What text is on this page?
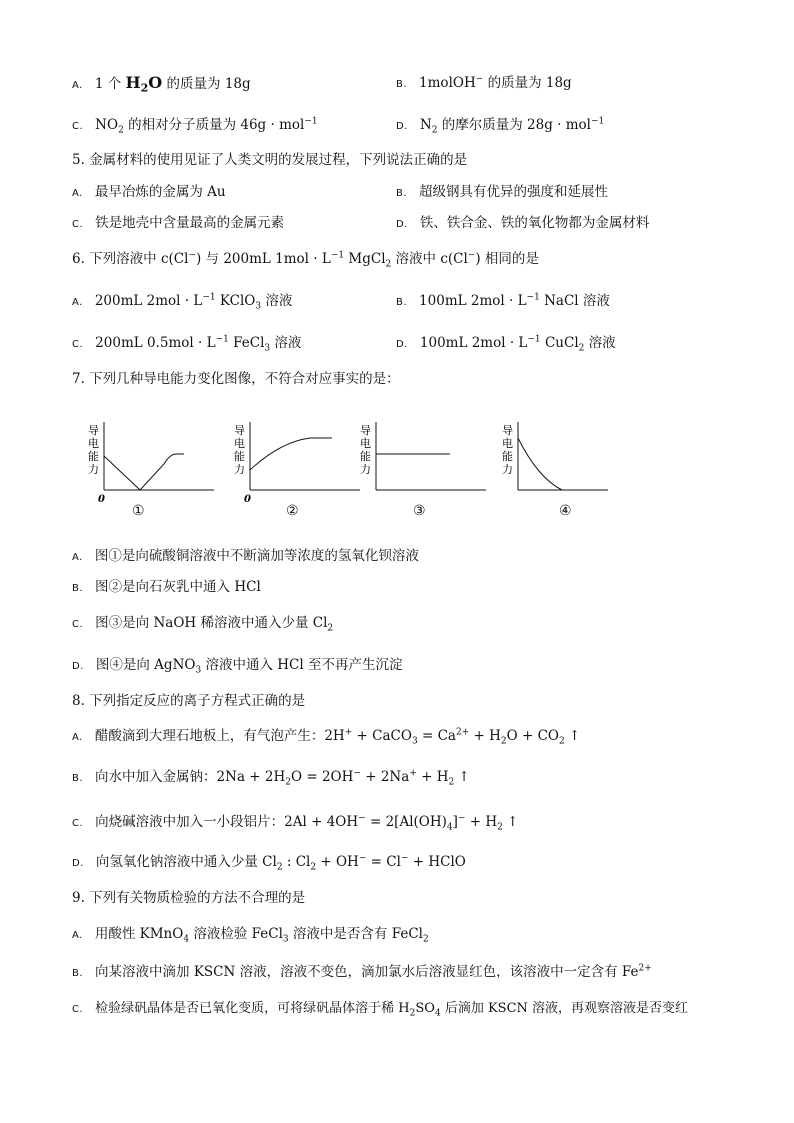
A. 1 个 $H_2O$ 的质量为 18g	B. 1molOH− 的质量为 18g
C. $NO_2$ 的相对分子质量为 46g · mol$^{-1}$	D. $N_2$ 的摩尔质量为 28g · mol$^{-1}$
5. 金属材料的使用见证了人类文明的发展过程，下列说法正确的是
A. 最早冶炼的金属为 Au	B. 超级钢具有优异的强度和延展性
C. 铁是地壳中含量最高的金属元素	D. 铁、铁合金、铁的氧化物都为金属材料
6. 下列溶液中 c(Cl−) 与 200mL $1mol \cdot L^{-1}$ MgCl$_2$ 溶液中 c(Cl−) 相同的是
A. 200mL $2mol \cdot L^{-1}$ KClO$_3$ 溶液	B. 100mL $2mol \cdot L^{-1}$ NaCl 溶液
C. 200mL $0.5mol \cdot L^{-1}$ FeCl$_3$ 溶液	D. 100mL $2mol \cdot L^{-1}$ CuCl$_2$ 溶液
7. 下列几种导电能力变化图像，不符合对应事实的是：
导
电
能
力
0
导
电
能
力
0
导
电
能
力
导
电
能
力
①	②	③	④
A. 图①是向硫酸铜溶液中不断滴加等浓度的氢氧化钡溶液
B. 图②是向石灰乳中通入 HCl
C. 图③是向 NaOH 稀溶液中通入少量 $Cl_2$
D. 图④是向 AgNO$_3$ 溶液中通入 HCl 至不再产生沉淀
8. 下列指定反应的离子方程式正确的是
A. 醋酸滴到大理石地板上，有气泡产生：2H+ + CaCO$_3$ = $Ca^{2+} + H_2O + CO_2$ ↑
B. 向水中加入金属钠：$2Na + 2H_2O = 2OH^- + 2Na^+ + H_2$ ↑
C. 向烧碱溶液中加入一小段铝片：$2Al + 4OH^- = 2[Al(OH)_4]^- + H_2$ ↑
D. 向氢氧化钠溶液中通入少量 $Cl_2$ : $Cl_2 + OH^- = Cl^-$ + HClO
9. 下列有关物质检验的方法不合理的是
A. 用酸性 KMnO$_4$ 溶液检验 FeCl$_3$ 溶液中是否含有 FeCl$_2$
B. 向某溶液中滴加 KSCN 溶液，溶液不变色，滴加氯水后溶液显红色，该溶液中一定含有 $Fe^{2+}$
C. 检验绿矾晶体是否已氧化变质，可将绿矾晶体溶于稀 $H_2SO_4$ 后滴加 KSCN 溶液，再观察溶液是否变红
